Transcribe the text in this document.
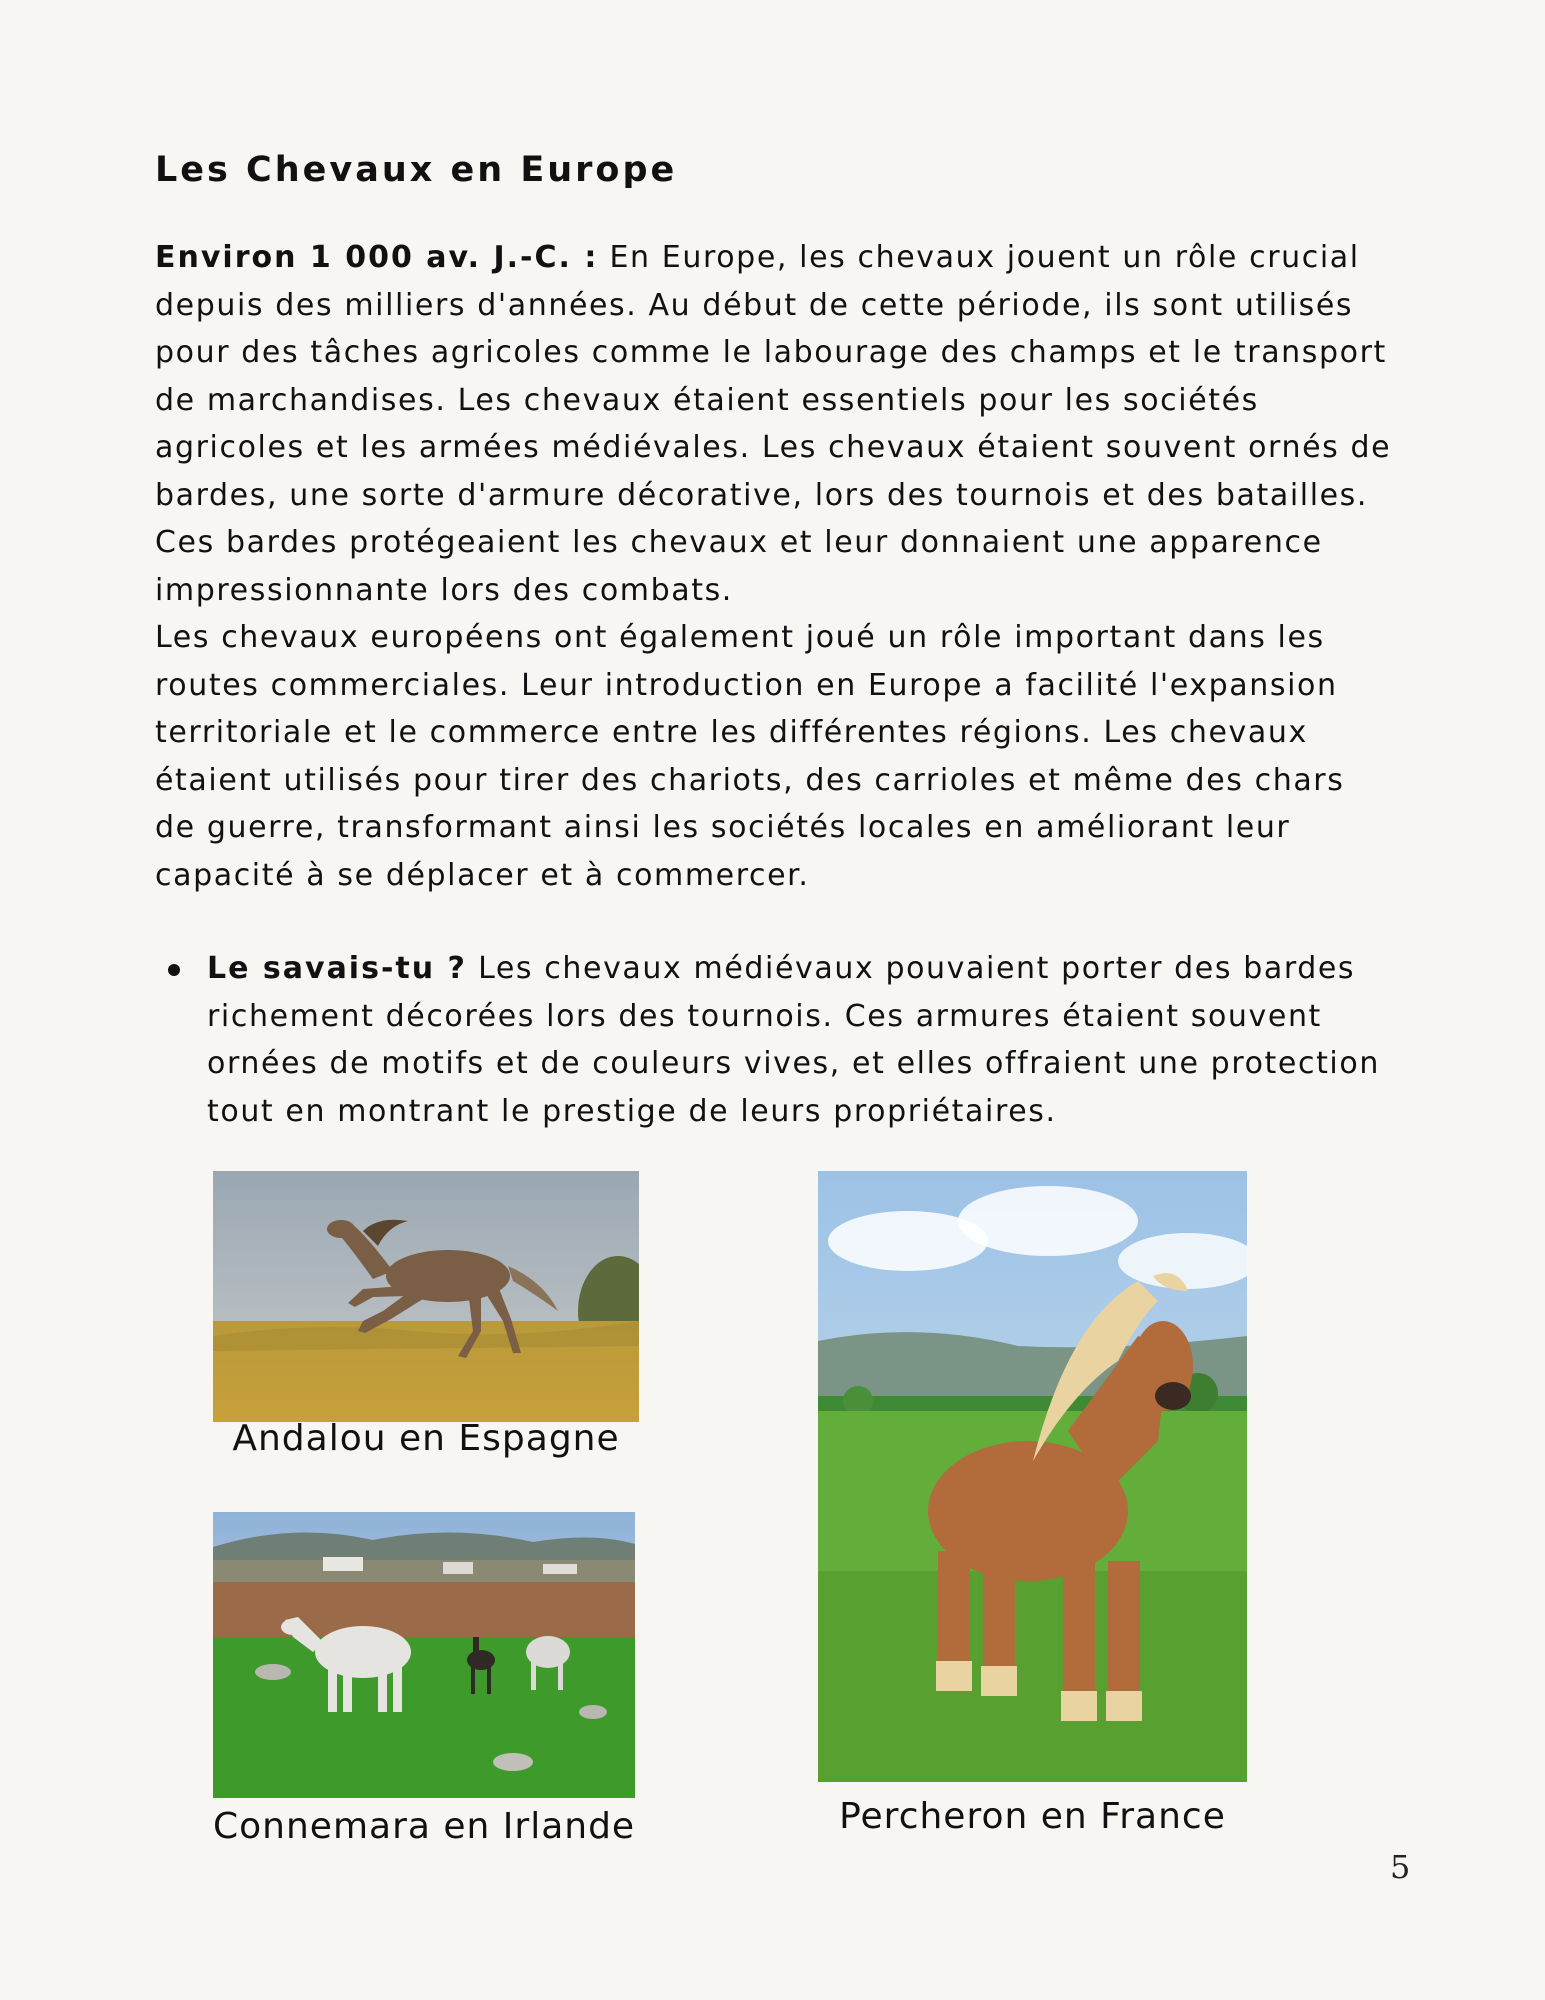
Les Chevaux en Europe
Environ 1 000 av. J.-C. : En Europe, les chevaux jouent un rôle crucial depuis des milliers d'années. Au début de cette période, ils sont utilisés pour des tâches agricoles comme le labourage des champs et le transport de marchandises. Les chevaux étaient essentiels pour les sociétés agricoles et les armées médiévales. Les chevaux étaient souvent ornés de bardes, une sorte d'armure décorative, lors des tournois et des batailles. Ces bardes protégeaient les chevaux et leur donnaient une apparence impressionnante lors des combats.
Les chevaux européens ont également joué un rôle important dans les routes commerciales. Leur introduction en Europe a facilité l'expansion territoriale et le commerce entre les différentes régions. Les chevaux étaient utilisés pour tirer des chariots, des carrioles et même des chars de guerre, transformant ainsi les sociétés locales en améliorant leur capacité à se déplacer et à commercer.
Le savais-tu ? Les chevaux médiévaux pouvaient porter des bardes richement décorées lors des tournois. Ces armures étaient souvent ornées de motifs et de couleurs vives, et elles offraient une protection tout en montrant le prestige de leurs propriétaires.
Andalou en Espagne
Connemara en Irlande	Percheron en France
5
